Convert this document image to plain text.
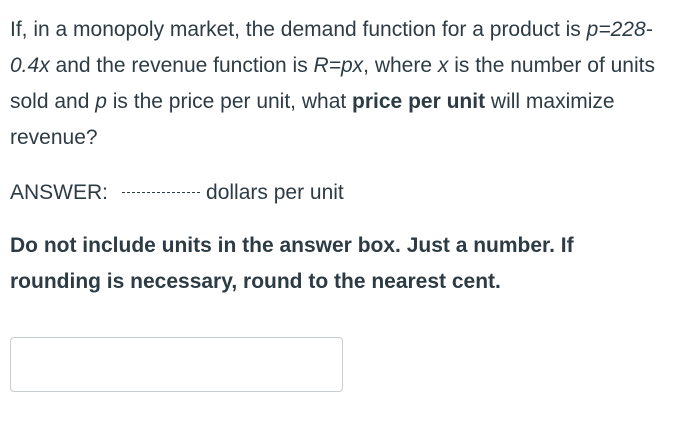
If, in a monopoly market, the demand function for a product is p=228-0.4x and the revenue function is R=px, where x is the number of units sold and p is the price per unit, what price per unit will maximize revenue?

ANSWER:	dollars per unit
Do not include units in the answer box. Just a number. If rounding is necessary, round to the nearest cent.
